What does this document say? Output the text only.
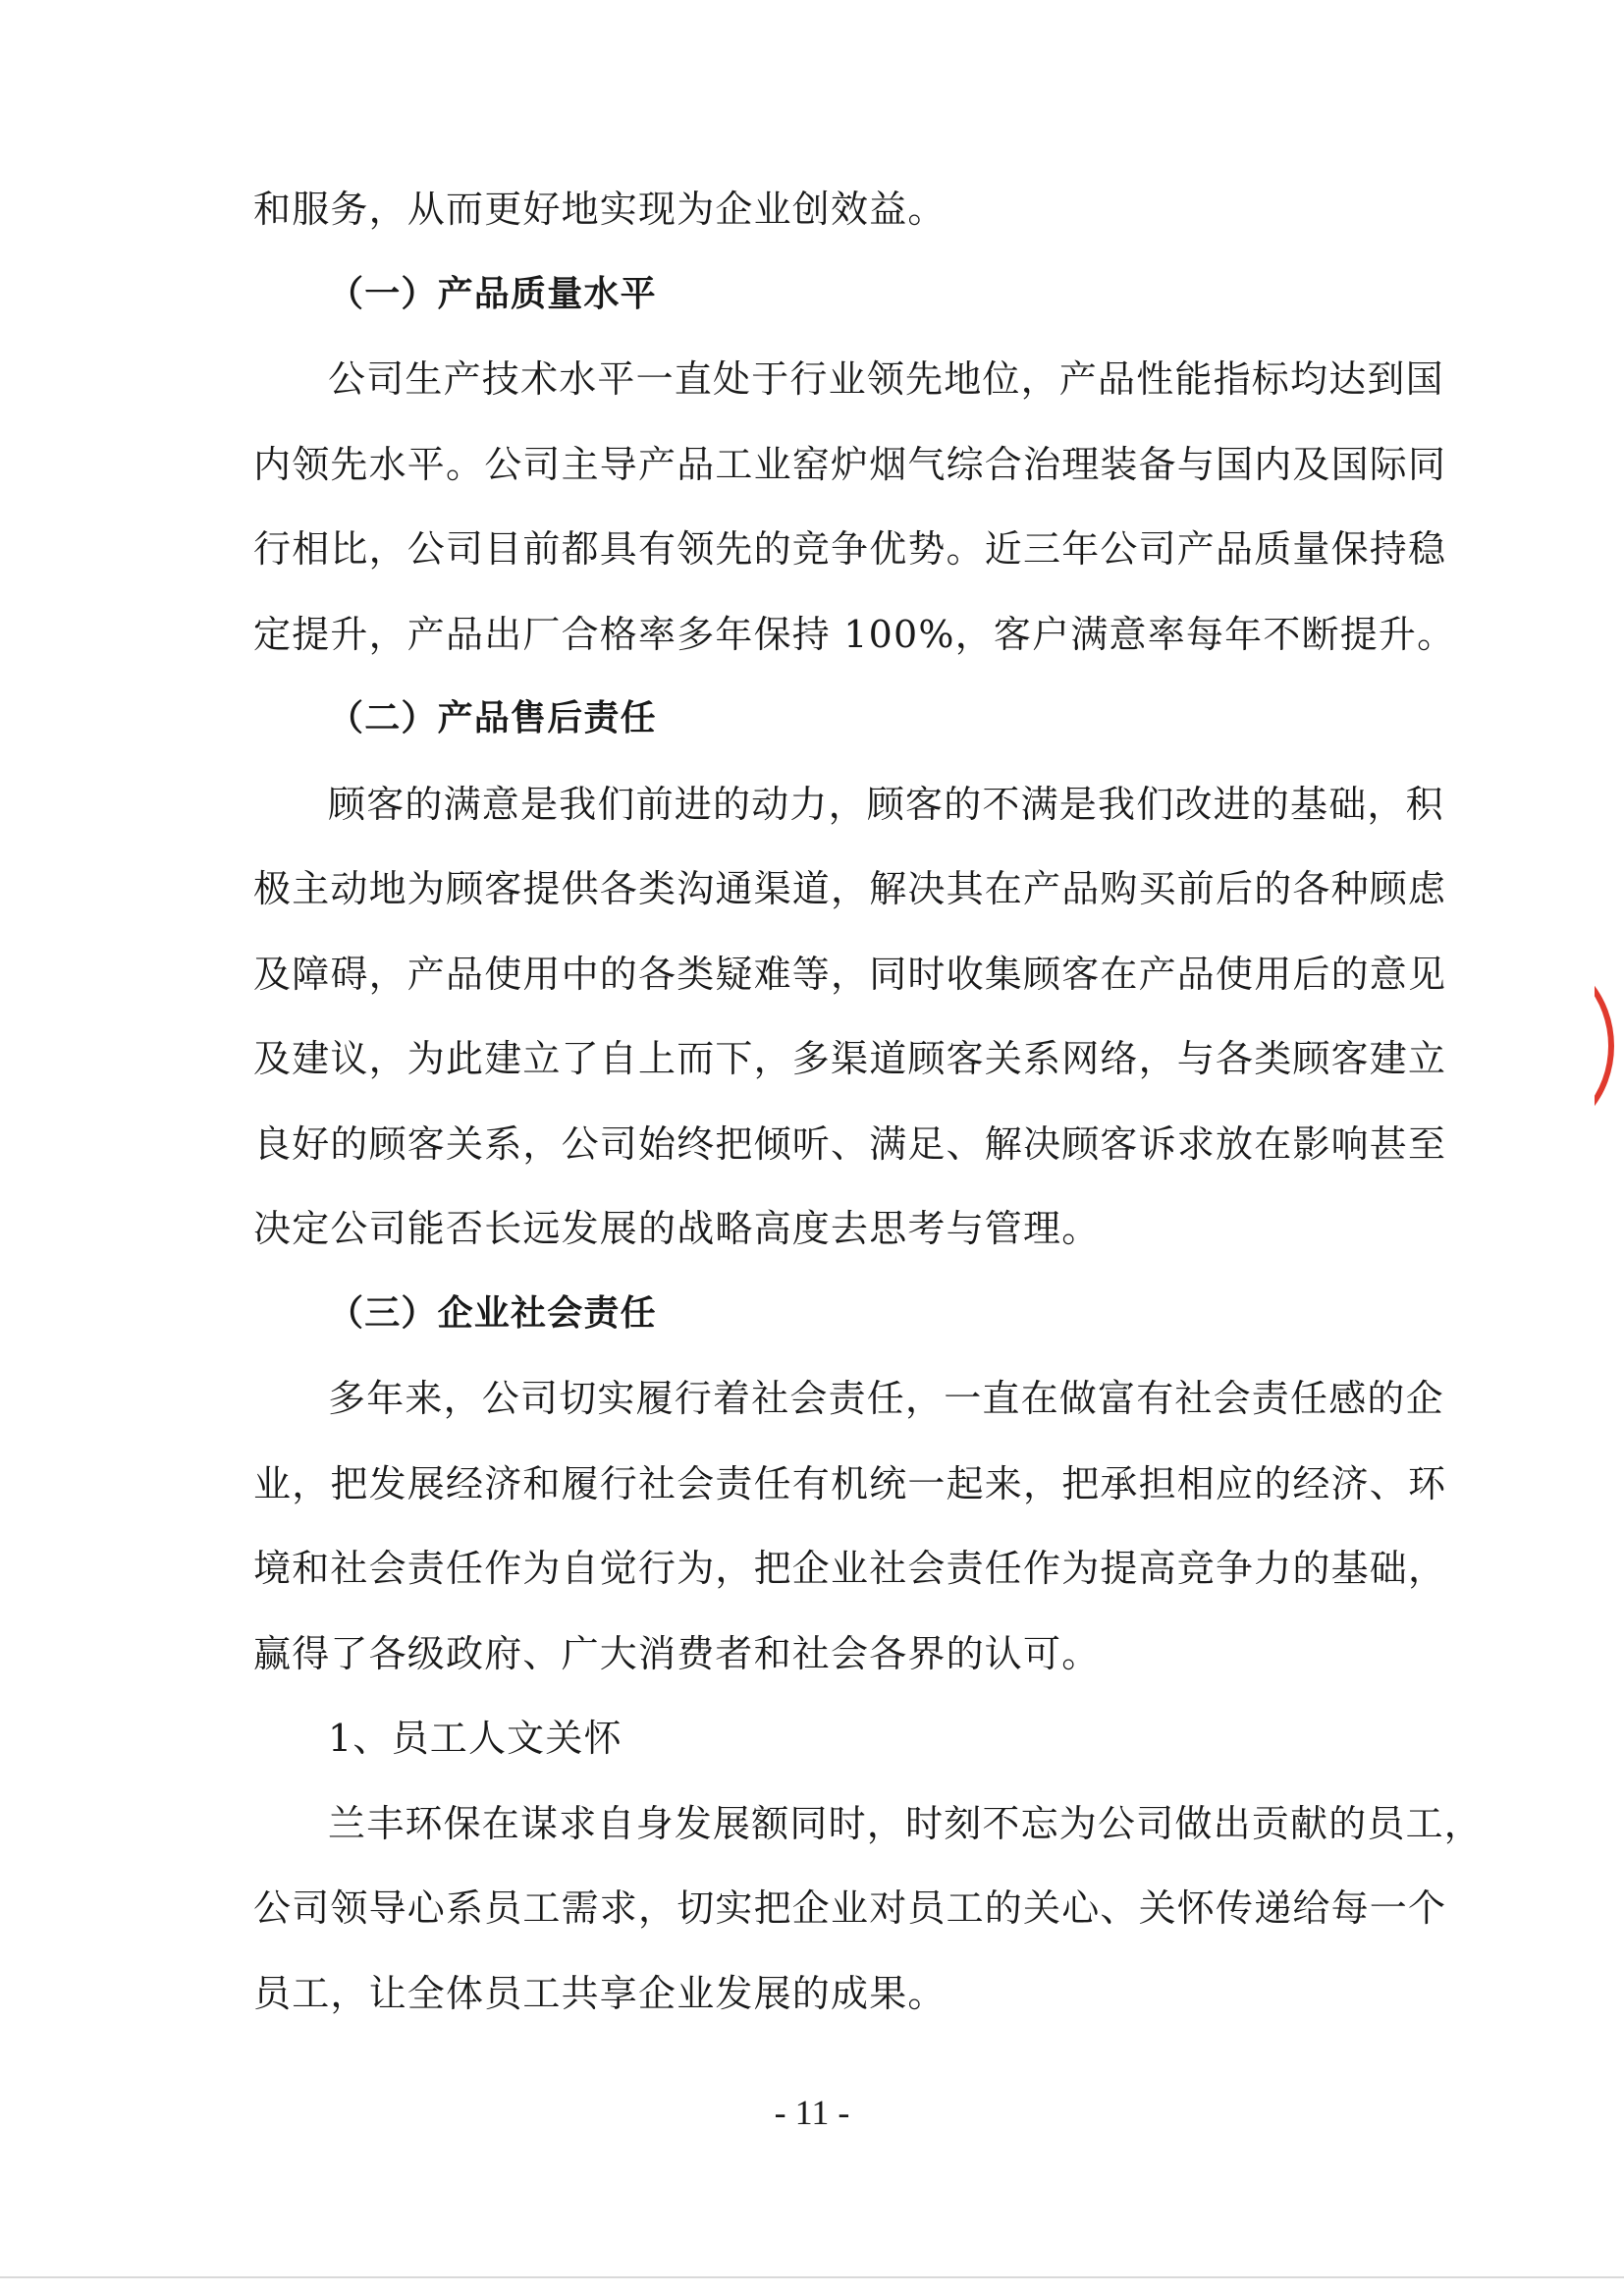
和服务，从而更好地实现为企业创效益。
（一）产品质量水平
公司生产技术水平一直处于行业领先地位，产品性能指标均达到国
内领先水平。公司主导产品工业窑炉烟气综合治理装备与国内及国际同
行相比，公司目前都具有领先的竞争优势。近三年公司产品质量保持稳
定提升，产品出厂合格率多年保持 100%，客户满意率每年不断提升。
（二）产品售后责任
顾客的满意是我们前进的动力，顾客的不满是我们改进的基础，积
极主动地为顾客提供各类沟通渠道，解决其在产品购买前后的各种顾虑
及障碍，产品使用中的各类疑难等，同时收集顾客在产品使用后的意见
及建议，为此建立了自上而下，多渠道顾客关系网络，与各类顾客建立
良好的顾客关系，公司始终把倾听、满足、解决顾客诉求放在影响甚至
决定公司能否长远发展的战略高度去思考与管理。
（三）企业社会责任
多年来，公司切实履行着社会责任，一直在做富有社会责任感的企
业，把发展经济和履行社会责任有机统一起来，把承担相应的经济、环
境和社会责任作为自觉行为，把企业社会责任作为提高竞争力的基础，
赢得了各级政府、广大消费者和社会各界的认可。
1、员工人文关怀
兰丰环保在谋求自身发展额同时，时刻不忘为公司做出贡献的员工，
公司领导心系员工需求，切实把企业对员工的关心、关怀传递给每一个
员工，让全体员工共享企业发展的成果。
- 11 -
